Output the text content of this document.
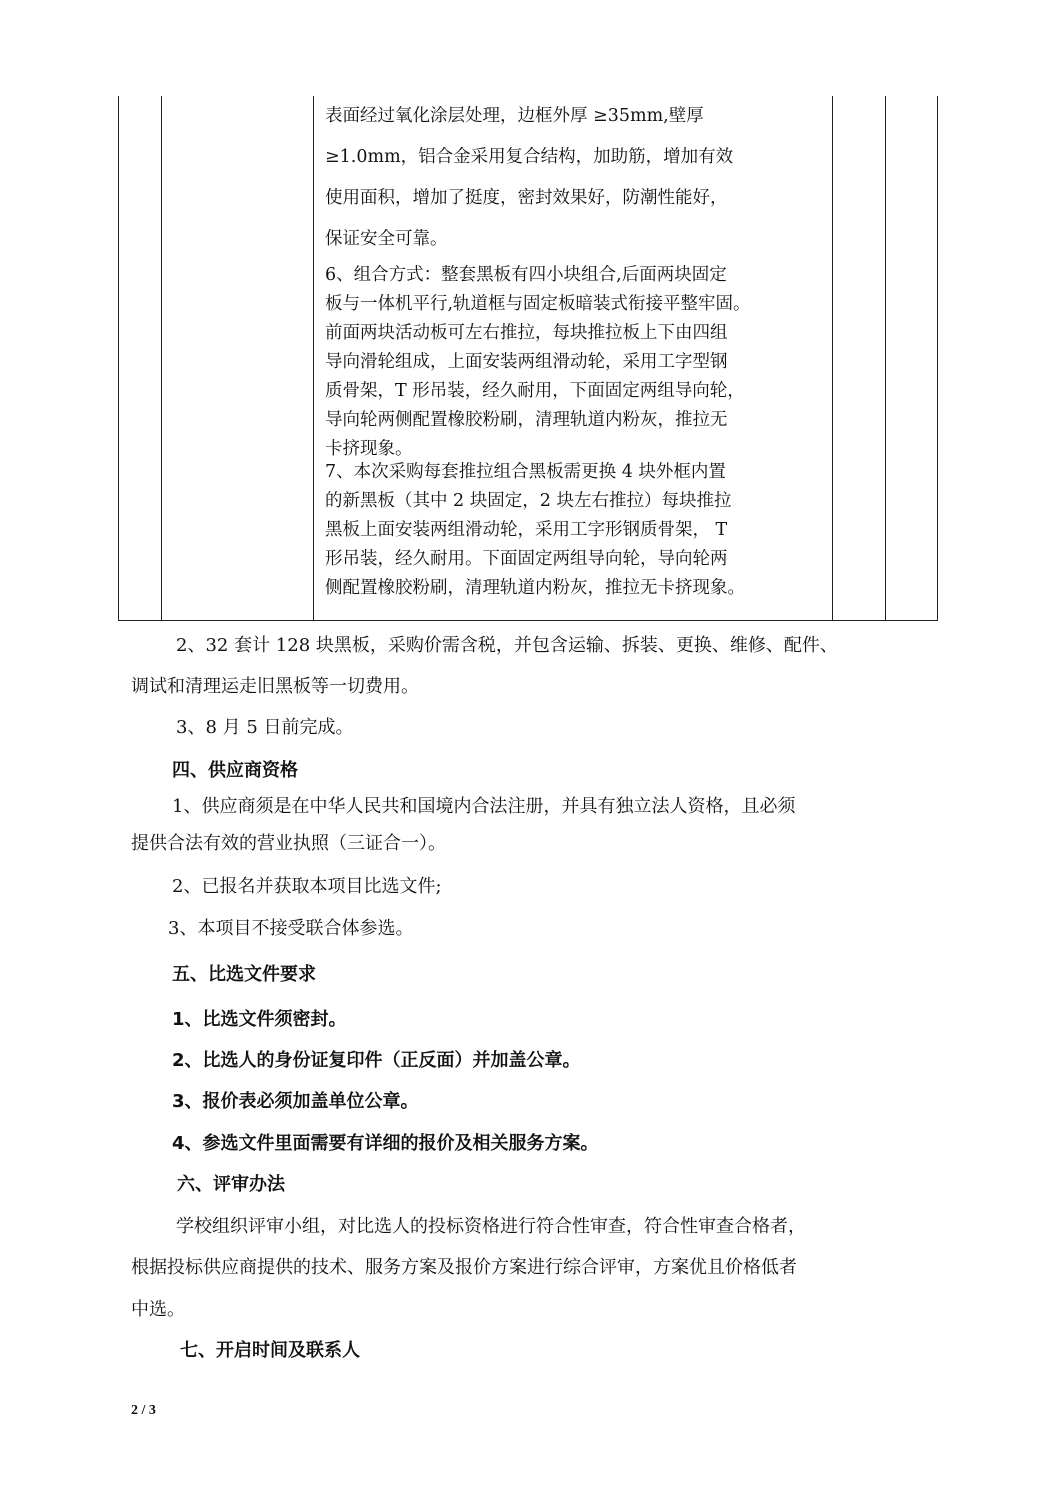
表面经过氧化涂层处理，边框外厚 ≥35mm,壁厚
≥1.0mm，铝合金采用复合结构，加助筋，增加有效
使用面积，增加了挺度，密封效果好，防潮性能好，
保证安全可靠。
6、组合方式：整套黑板有四小块组合,后面两块固定
板与一体机平行,轨道框与固定板暗装式衔接平整牢固。
前面两块活动板可左右推拉，每块推拉板上下由四组
导向滑轮组成，上面安装两组滑动轮，采用工字型钢
质骨架，T 形吊装，经久耐用，下面固定两组导向轮，
导向轮两侧配置橡胶粉刷，清理轨道内粉灰，推拉无
卡挤现象。
7、本次采购每套推拉组合黑板需更换 4 块外框内置
的新黑板（其中 2 块固定，2 块左右推拉）每块推拉
黑板上面安装两组滑动轮，采用工字形钢质骨架， T
形吊装，经久耐用。下面固定两组导向轮，导向轮两
侧配置橡胶粉刷，清理轨道内粉灰，推拉无卡挤现象。
2、32 套计 128 块黑板，采购价需含税，并包含运输、拆装、更换、维修、配件、
调试和清理运走旧黑板等一切费用。
3、8 月 5 日前完成。
四、供应商资格
1、供应商须是在中华人民共和国境内合法注册，并具有独立法人资格，且必须
提供合法有效的营业执照（三证合一）。
2、已报名并获取本项目比选文件;
3、本项目不接受联合体参选。
五、比选文件要求
1、比选文件须密封。
2、比选人的身份证复印件（正反面）并加盖公章。
3、报价表必须加盖单位公章。
4、参选文件里面需要有详细的报价及相关服务方案。
六、评审办法
学校组织评审小组，对比选人的投标资格进行符合性审查，符合性审查合格者，
根据投标供应商提供的技术、服务方案及报价方案进行综合评审，方案优且价格低者
中选。
七、开启时间及联系人
2 / 3
